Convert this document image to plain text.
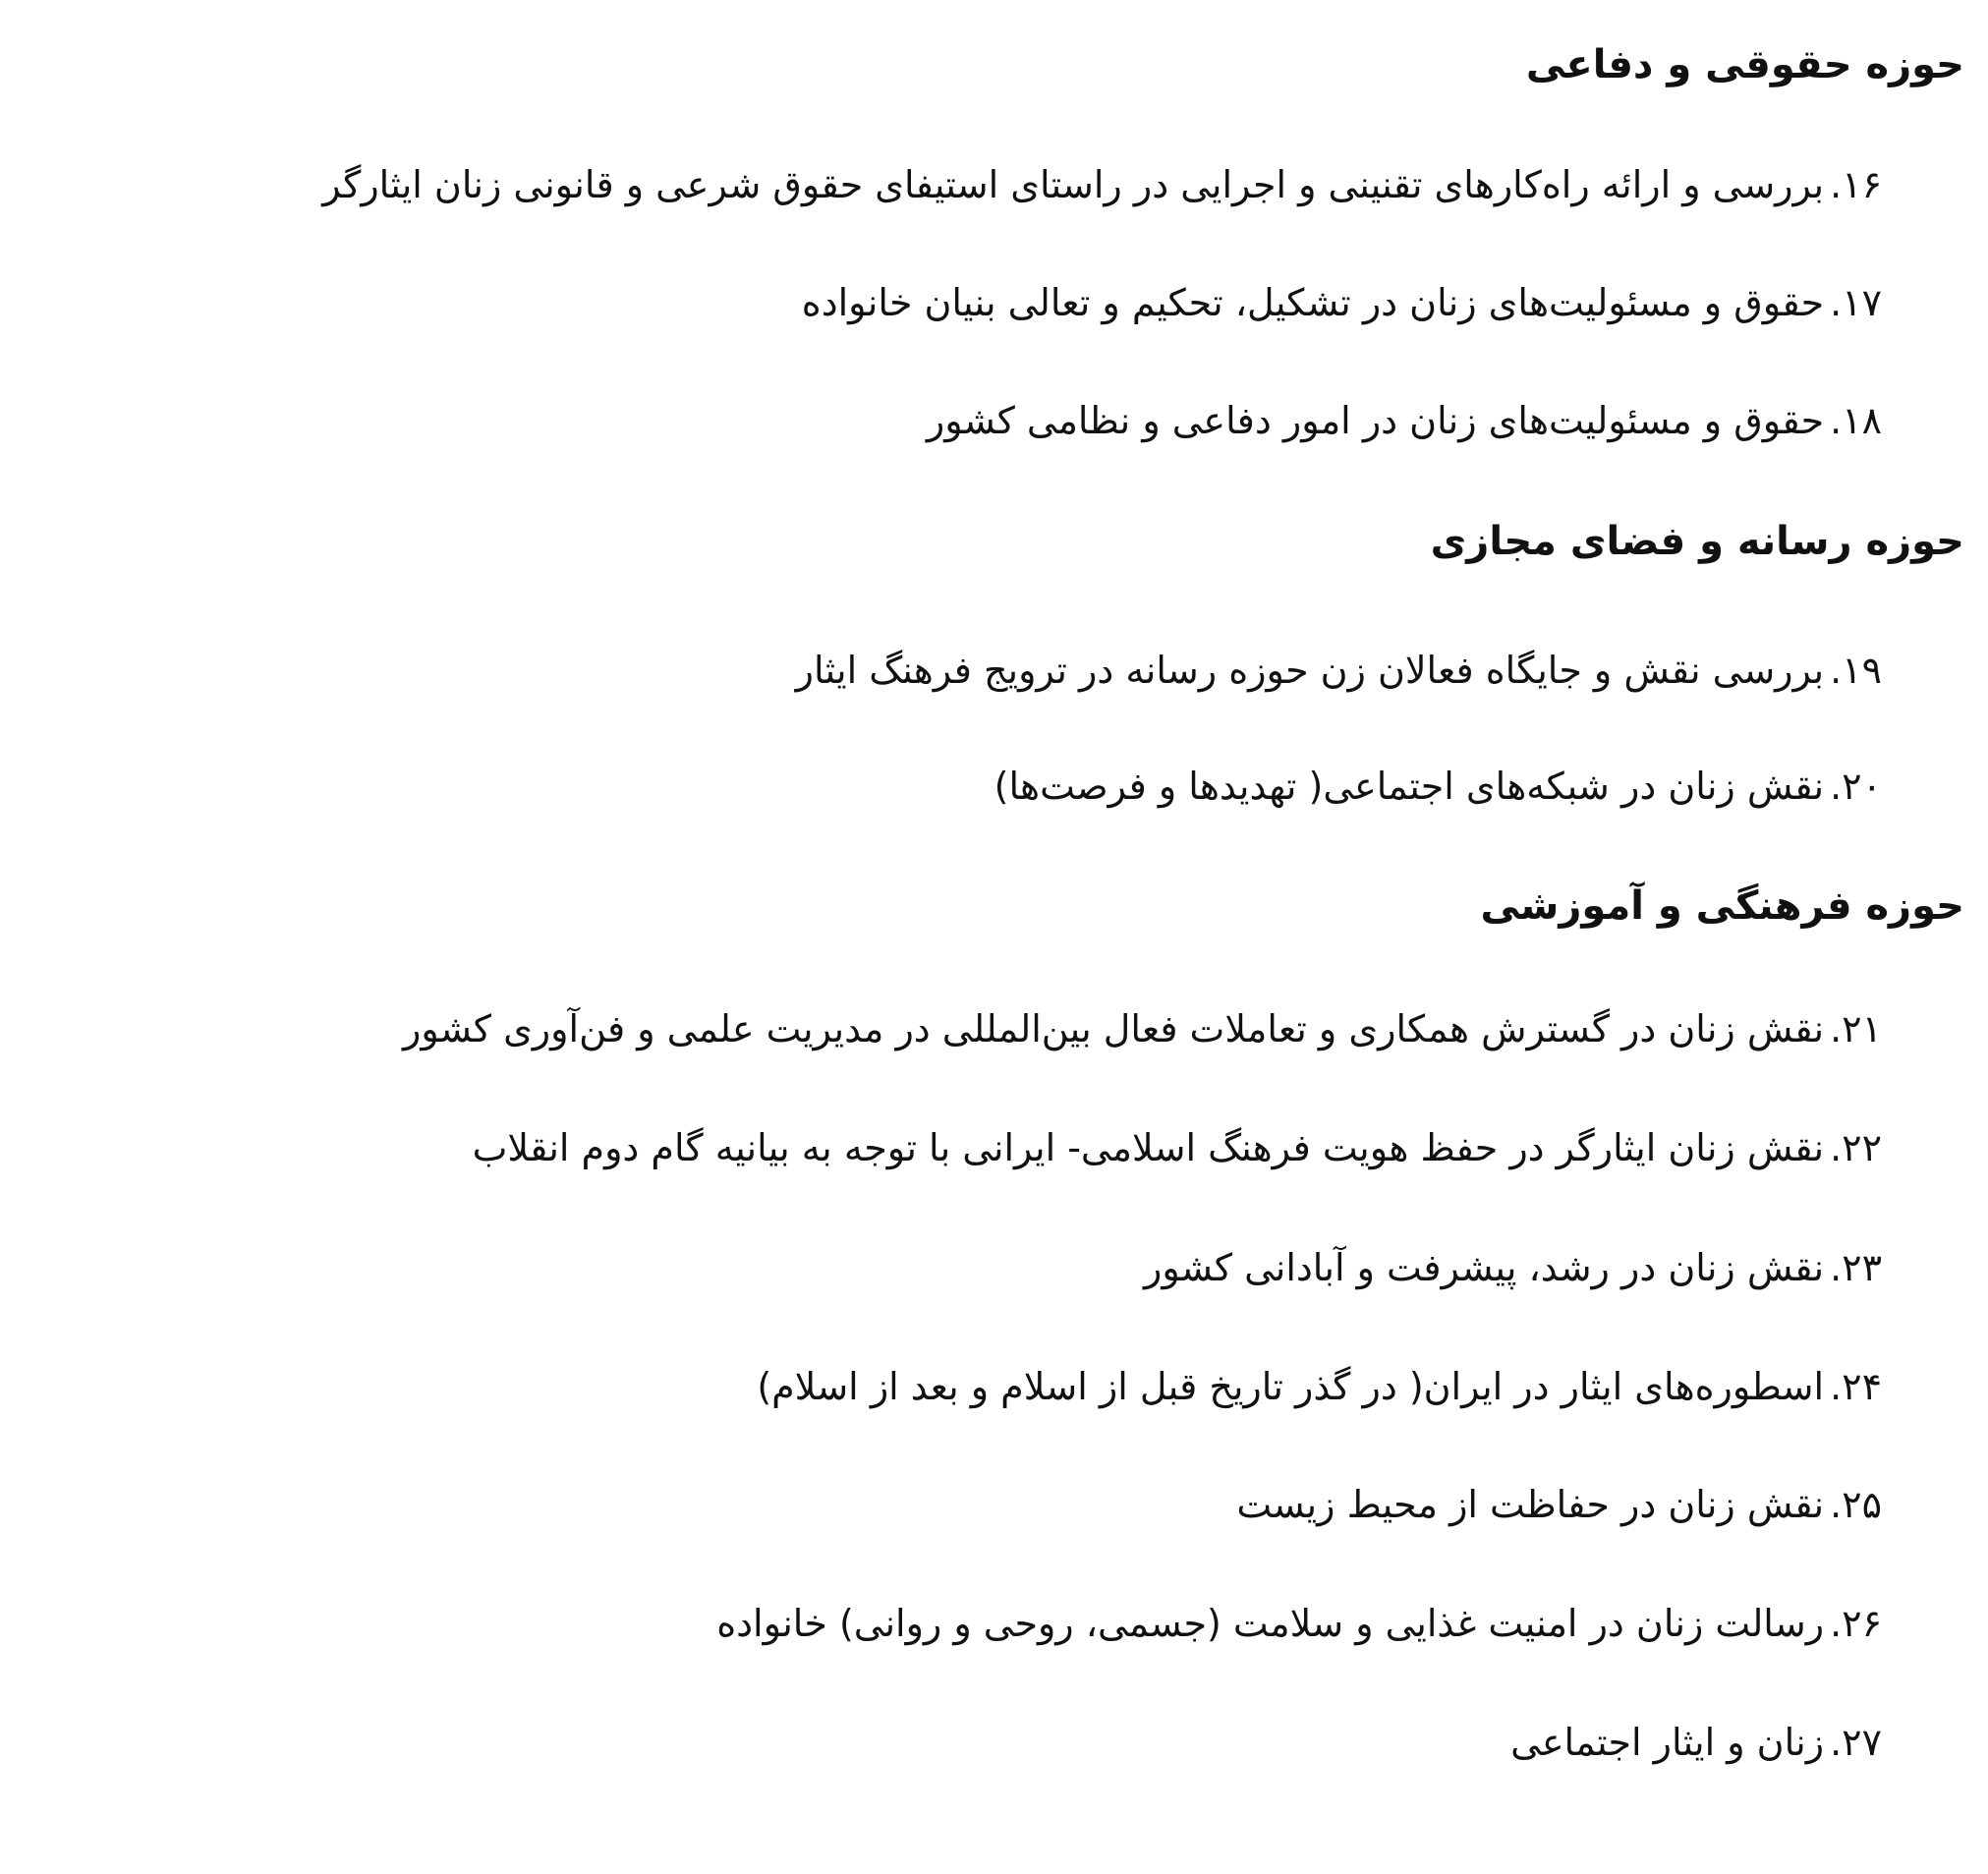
حوزه حقوقی و دفاعی
۱۶.بررسی و ارائه راه‌کارهای تقنینی و اجرایی در راستای استیفای حقوق شرعی و قانونی زنان ایثارگر
۱۷.حقوق و مسئولیت‌های زنان در تشکیل، تحکیم و تعالی بنیان خانواده
۱۸.حقوق و مسئولیت‌های زنان در امور دفاعی و نظامی کشور
حوزه رسانه و فضای مجازی
۱۹.بررسی نقش و جایگاه فعالان زن حوزه رسانه در ترویج فرهنگ ایثار
۲۰.نقش زنان در شبکه‌های اجتماعی( تهدیدها و فرصت‌ها)
حوزه فرهنگی و آموزشی
۲۱.نقش زنان در گسترش همکاری و تعاملات فعال بین‌المللی در مدیریت علمی و فن‌آوری کشور
۲۲.نقش زنان ایثارگر در حفظ هویت فرهنگ اسلامی- ایرانی با توجه به بیانیه گام دوم انقلاب
۲۳.نقش زنان در رشد، پیشرفت و آبادانی کشور
۲۴.اسطوره‌های ایثار در ایران( در گذر تاریخ قبل از اسلام و بعد از اسلام)
۲۵.نقش زنان در حفاظت از محیط زیست
۲۶.رسالت زنان در امنیت غذایی و سلامت (جسمی، روحی و روانی) خانواده
۲۷.زنان و ایثار اجتماعی
